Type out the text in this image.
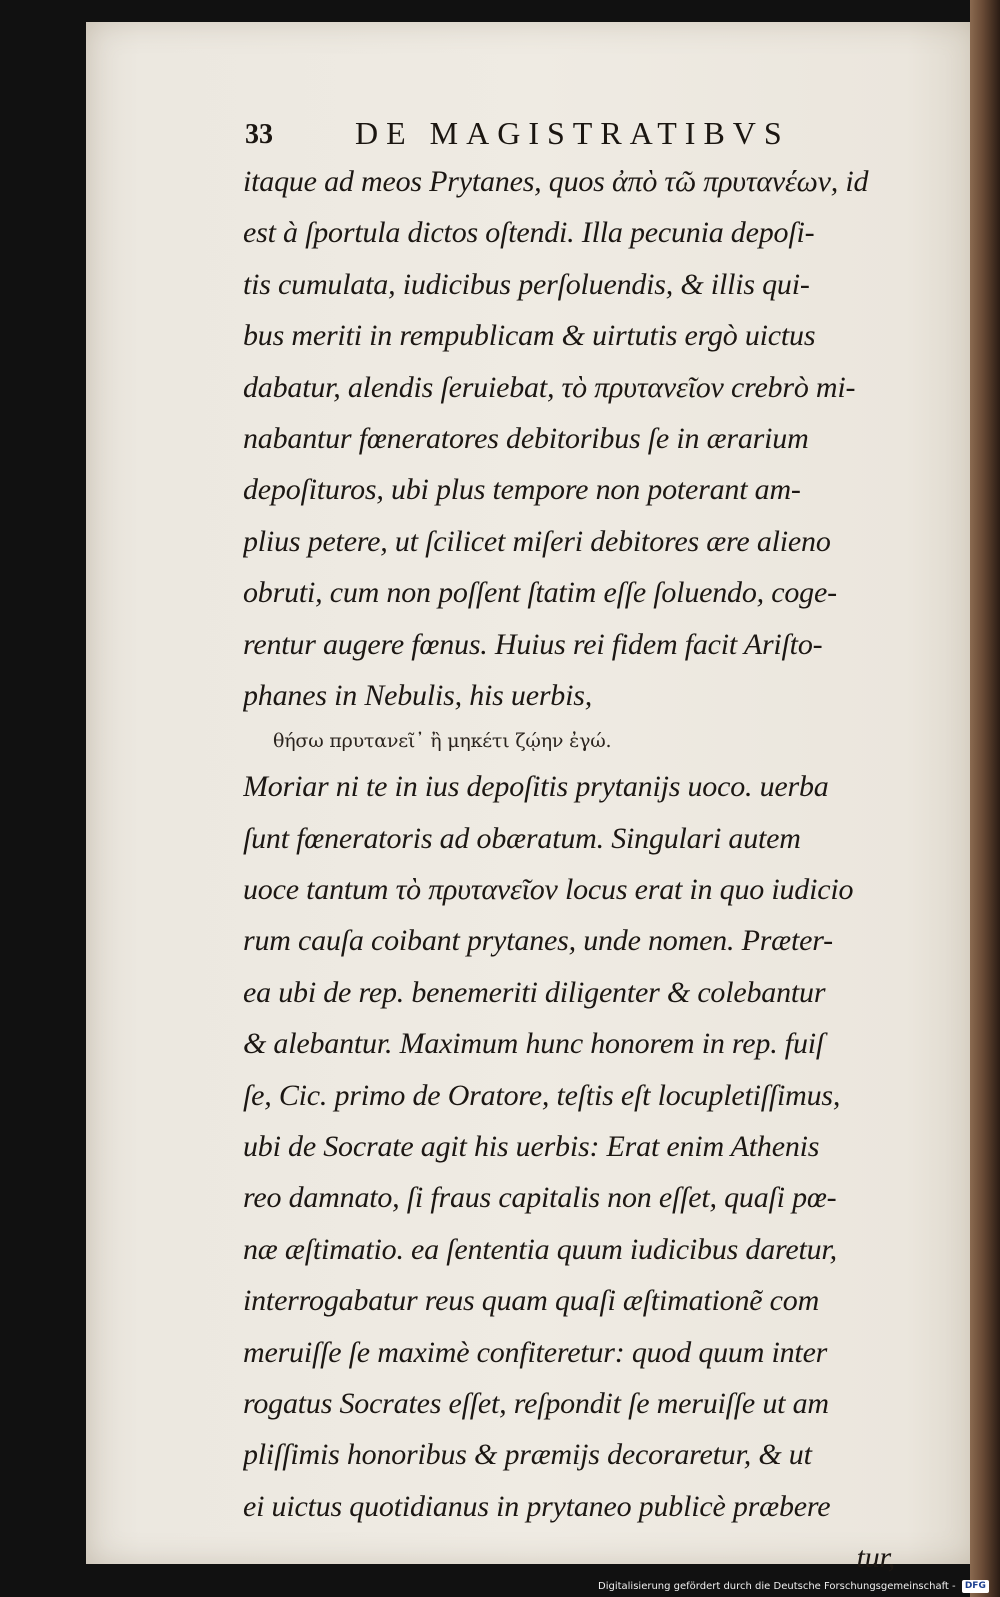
33	DE MAGISTRATIBVS
itaque ad meos Prytanes, quos ἀπὸ τῶ πρυτανέων, id
est à ſportula dictos oſtendi. Illa pecunia depoſi-
tis cumulata, iudicibus perſoluendis, & illis qui-
bus meriti in rempublicam & uirtutis ergò uictus
dabatur, alendis ſeruiebat, τὸ πρυτανεῖον crebrò mi-
nabantur fœneratores debitoribus ſe in ærarium
depoſituros, ubi plus tempore non poterant am-
plius petere, ut ſcilicet miſeri debitores ære alieno
obruti, cum non poſſent ſtatim eſſe ſoluendo, coge-
rentur augere fœnus. Huius rei fidem facit Ariſto-
phanes in Nebulis, his uerbis,
θήσω πρυτανεῖ᾽ ἢ μηκέτι ζῴην ἐγώ.
Moriar ni te in ius depoſitis prytanijs uoco. uerba
ſunt fœneratoris ad obæratum. Singulari autem
uoce tantum τὸ πρυτανεῖον locus erat in quo iudicio
rum cauſa coibant prytanes, unde nomen. Præter-
ea ubi de rep. benemeriti diligenter & colebantur
& alebantur. Maximum hunc honorem in rep. fuiſ
ſe, Cic. primo de Oratore, teſtis eſt locupletiſſimus,
ubi de Socrate agit his uerbis: Erat enim Athenis
reo damnato, ſi fraus capitalis non eſſet, quaſi pœ-
næ æſtimatio. ea ſententia quum iudicibus daretur,
interrogabatur reus quam quaſi æſtimationẽ com
meruiſſe ſe maximè confiteretur: quod quum inter
rogatus Socrates eſſet, reſpondit ſe meruiſſe ut am
pliſſimis honoribus & præmijs decoraretur, & ut
ei uictus quotidianus in prytaneo publicè præbere
tur,
Digitalisierung gefördert durch die Deutsche Forschungsgemeinschaft - DFG
